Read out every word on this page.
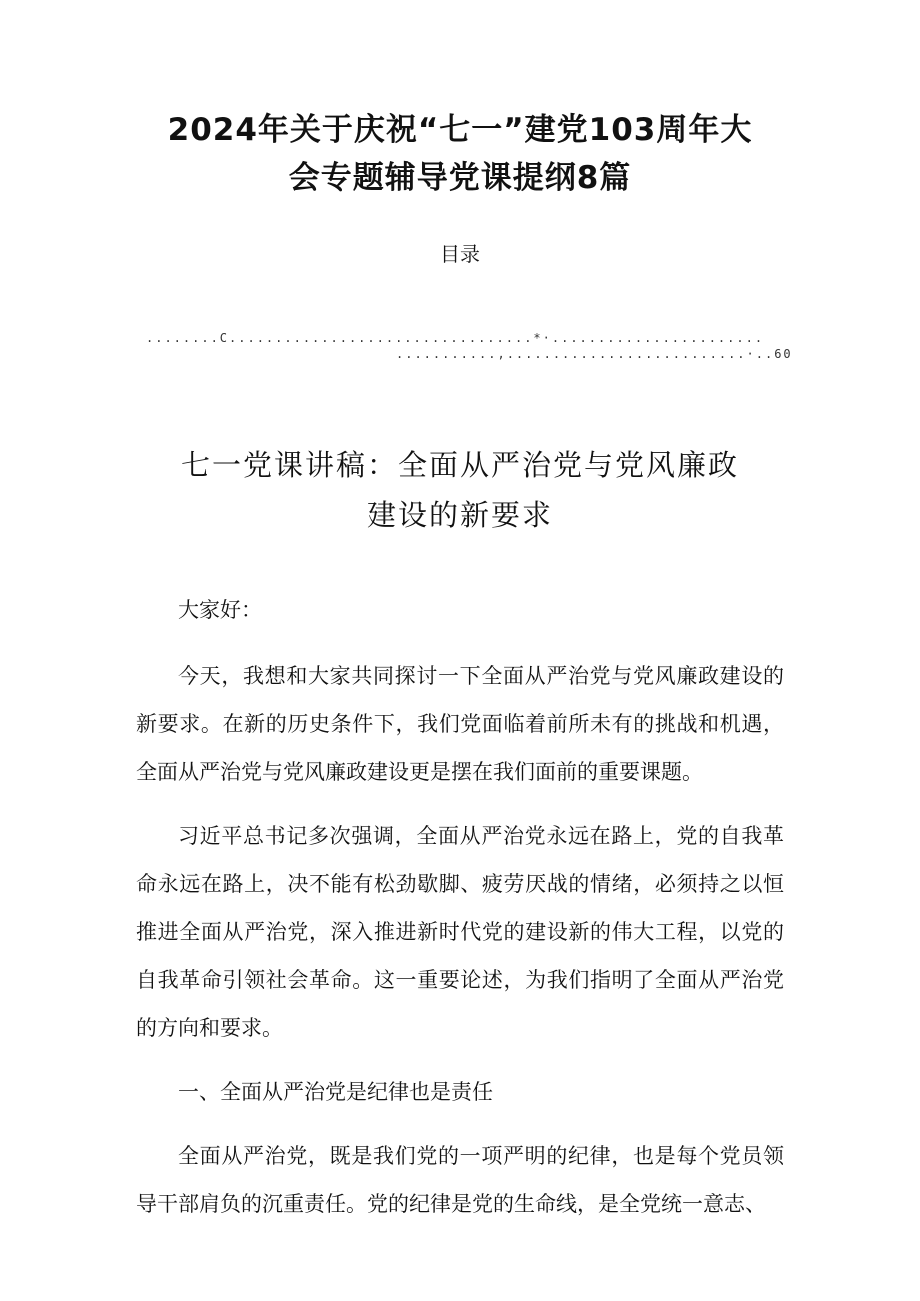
2024年关于庆祝“七一”建党103周年大
会专题辅导党课提纲8篇
目录
........C.................................*·.......................
...........,..........................·..60
七一党课讲稿：全面从严治党与党风廉政
建设的新要求

大家好：

今天，我想和大家共同探讨一下全面从严治党与党风廉政建设的新要求。在新的历史条件下，我们党面临着前所未有的挑战和机遇，全面从严治党与党风廉政建设更是摆在我们面前的重要课题。

习近平总书记多次强调，全面从严治党永远在路上，党的自我革命永远在路上，决不能有松劲歇脚、疲劳厌战的情绪，必须持之以恒推进全面从严治党，深入推进新时代党的建设新的伟大工程，以党的自我革命引领社会革命。这一重要论述，为我们指明了全面从严治党的方向和要求。

一、全面从严治党是纪律也是责任

全面从严治党，既是我们党的一项严明的纪律，也是每个党员领导干部肩负的沉重责任。党的纪律是党的生命线，是全党统一意志、
